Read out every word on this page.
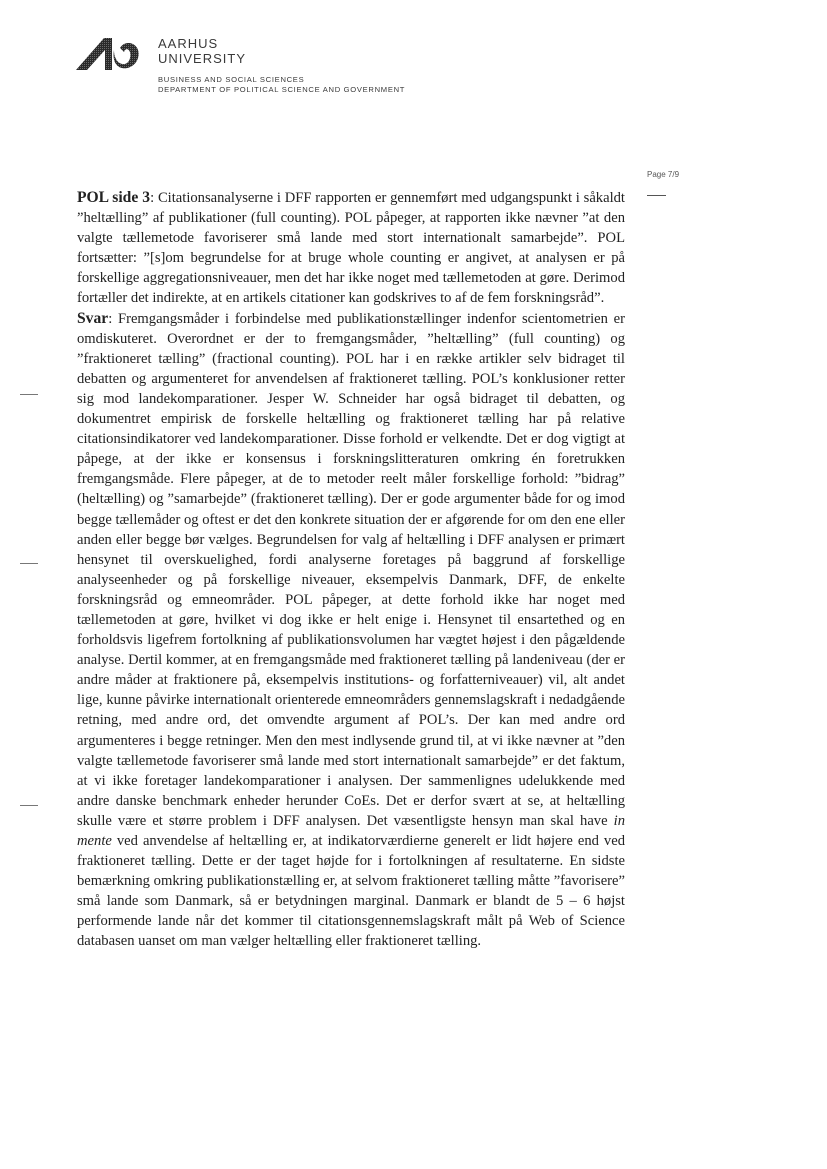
AARHUS
UNIVERSITY
BUSINESS AND SOCIAL SCIENCES
DEPARTMENT OF POLITICAL SCIENCE AND GOVERNMENT
Page 7/9

POL side 3: Citationsanalyserne i DFF rapporten er gennemført med udgangspunkt i såkaldt ”heltælling” af publikationer (full counting). POL påpeger, at rapporten ikke nævner ”at den valgte tællemetode favoriserer små lande med stort internationalt samarbejde”. POL fortsætter: ”[s]om begrundelse for at bruge whole counting er angivet, at analysen er på forskellige aggregationsniveauer, men det har ikke noget med tællemetoden at gøre. Derimod fortæller det indirekte, at en artikels citationer kan godskrives to af de fem forskningsråd”.

Svar: Fremgangsmåder i forbindelse med publikationstællinger indenfor scientometrien er omdiskuteret. Overordnet er der to fremgangsmåder, ”heltælling” (full counting) og ”fraktioneret tælling” (fractional counting). POL har i en række artikler selv bidraget til debatten og argumenteret for anvendelsen af fraktioneret tælling. POL’s konklusioner retter sig mod landekomparationer. Jesper W. Schneider har også bidraget til debatten, og dokumentret empirisk de forskelle heltælling og fraktioneret tælling har på relative citationsindikatorer ved landekomparationer. Disse forhold er velkendte. Det er dog vigtigt at påpege, at der ikke er konsensus i forskningslitteraturen omkring én foretrukken fremgangsmåde. Flere påpeger, at de to metoder reelt måler forskellige forhold: ”bidrag” (heltælling) og ”samarbejde” (fraktioneret tælling). Der er gode argumenter både for og imod begge tællemåder og oftest er det den konkrete situation der er afgørende for om den ene eller anden eller begge bør vælges. Begrundelsen for valg af heltælling i DFF analysen er primært hensynet til overskuelighed, fordi analyserne foretages på baggrund af forskellige analyseenheder og på forskellige niveauer, eksempelvis Danmark, DFF, de enkelte forskningsråd og emneområder. POL påpeger, at dette forhold ikke har noget med tællemetoden at gøre, hvilket vi dog ikke er helt enige i. Hensynet til ensartethed og en forholdsvis ligefrem fortolkning af publikationsvolumen har vægtet højest i den pågældende analyse. Dertil kommer, at en fremgangsmåde med fraktioneret tælling på landeniveau (der er andre måder at fraktionere på, eksempelvis institutions- og forfatterniveauer) vil, alt andet lige, kunne påvirke internationalt orienterede emneområders gennemslagskraft i nedadgående retning, med andre ord, det omvendte argument af POL’s. Der kan med andre ord argumenteres i begge retninger. Men den mest indlysende grund til, at vi ikke nævner at ”den valgte tællemetode favoriserer små lande med stort internationalt samarbejde” er det faktum, at vi ikke foretager landekomparationer i analysen. Der sammenlignes udelukkende med andre danske benchmark enheder herunder CoEs. Det er derfor svært at se, at heltælling skulle være et større problem i DFF analysen. Det væsentligste hensyn man skal have in mente ved anvendelse af heltælling er, at indikatorværdierne generelt er lidt højere end ved fraktioneret tælling. Dette er der taget højde for i fortolkningen af resultaterne. En sidste bemærkning omkring publikationstælling er, at selvom fraktioneret tælling måtte ”favorisere” små lande som Danmark, så er betydningen marginal. Danmark er blandt de 5 – 6 højst performende lande når det kommer til citationsgennemslagskraft målt på Web of Science databasen uanset om man vælger heltælling eller fraktioneret tælling.
